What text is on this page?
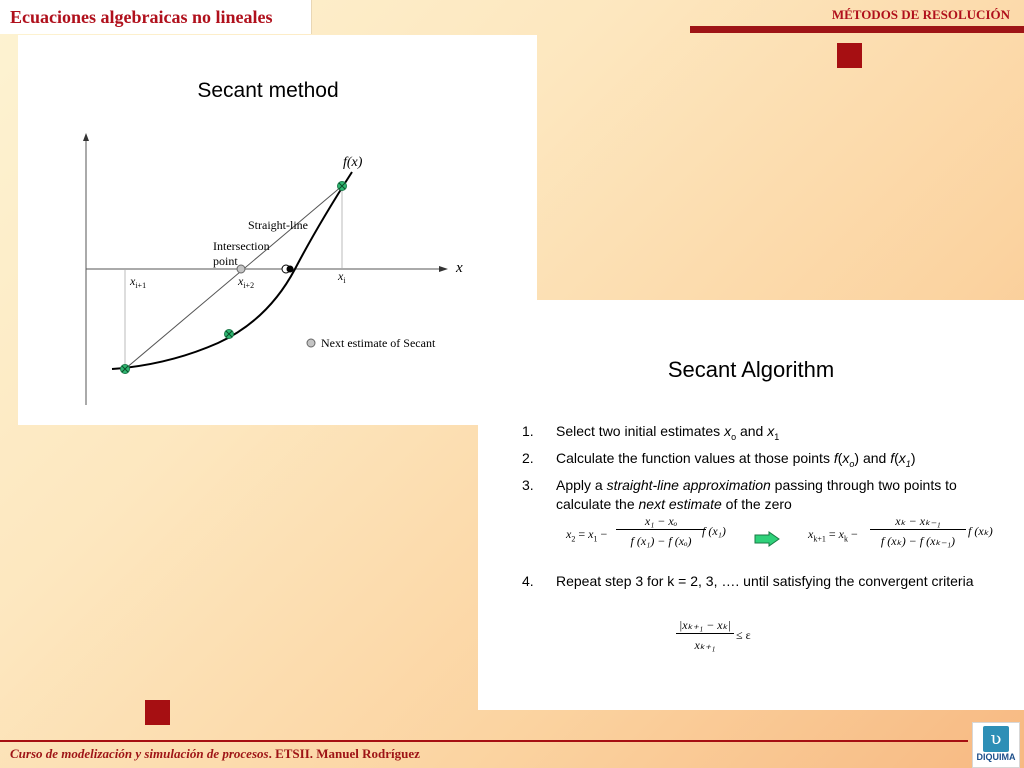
Ecuaciones algebraicas no lineales	MÉTODOS DE RESOLUCIÓN
Secant method
x
f(x)
Straight-line
Intersection
point
$x_{i+1}$	$x_{i+2}$
$x_i$
Next estimate of Secant
Secant Algorithm
1. Select two initial estimates $x_o$ and $x_1$
2. Calculate the function values at those points $f(x_o)$ and $f(x_1)$
3. Apply a straight-line approximation passing through two points to calculate the next estimate of the zero
$x_2 = x_1$ −
x₁ − xₒ
f (x₁) − f (xₒ)
f (x₁)	$x_{k+1} = x_k$ −
xₖ − xₖ₋₁
f (xₖ) − f (xₖ₋₁)
f (xₖ)
4. Repeat step 3 for k = 2, 3, …. until satisfying the convergent criteria
|xₖ₊₁ − xₖ|
xₖ₊₁
≤ ε
Curso de modelización y simulación de procesos. ETSII. Manuel Rodríguez
ʋ
DIQUIMA
